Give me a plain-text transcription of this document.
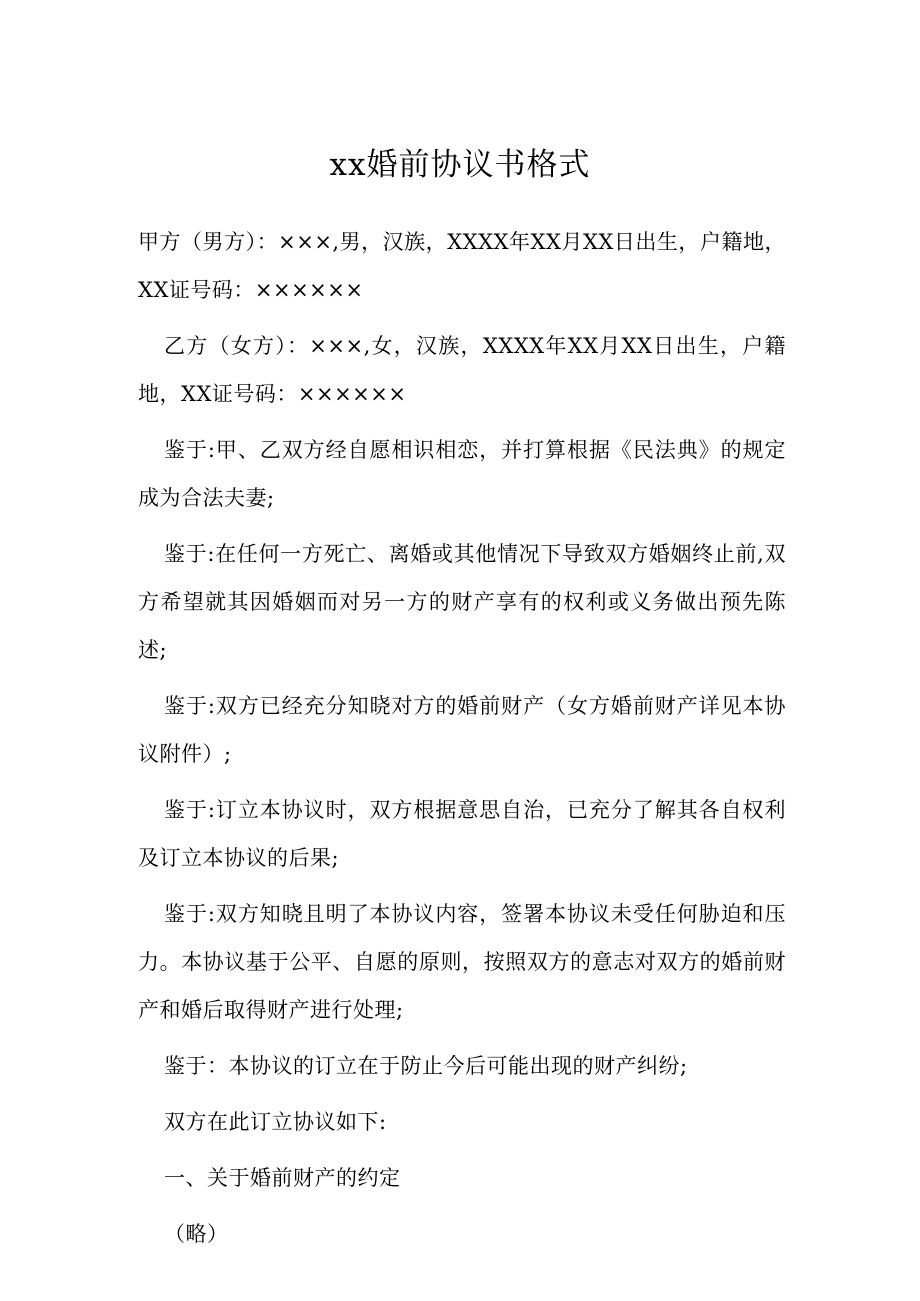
xx婚前协议书格式

甲方（男方）：×××,男，汉族，XXXX年XX月XX日出生，户籍地，XX证号码：××××××

乙方（女方）：×××,女，汉族，XXXX年XX月XX日出生，户籍地，XX证号码：××××××

鉴于:甲、乙双方经自愿相识相恋，并打算根据《民法典》的规定成为合法夫妻;

鉴于:在任何一方死亡、离婚或其他情况下导致双方婚姻终止前,双方希望就其因婚姻而对另一方的财产享有的权利或义务做出预先陈述;

鉴于:双方已经充分知晓对方的婚前财产（女方婚前财产详见本协议附件）;

鉴于:订立本协议时，双方根据意思自治，已充分了解其各自权利及订立本协议的后果;

鉴于:双方知晓且明了本协议内容，签署本协议未受任何胁迫和压力。本协议基于公平、自愿的原则，按照双方的意志对双方的婚前财产和婚后取得财产进行处理;

鉴于：本协议的订立在于防止今后可能出现的财产纠纷;

双方在此订立协议如下:

一、关于婚前财产的约定

（略）
